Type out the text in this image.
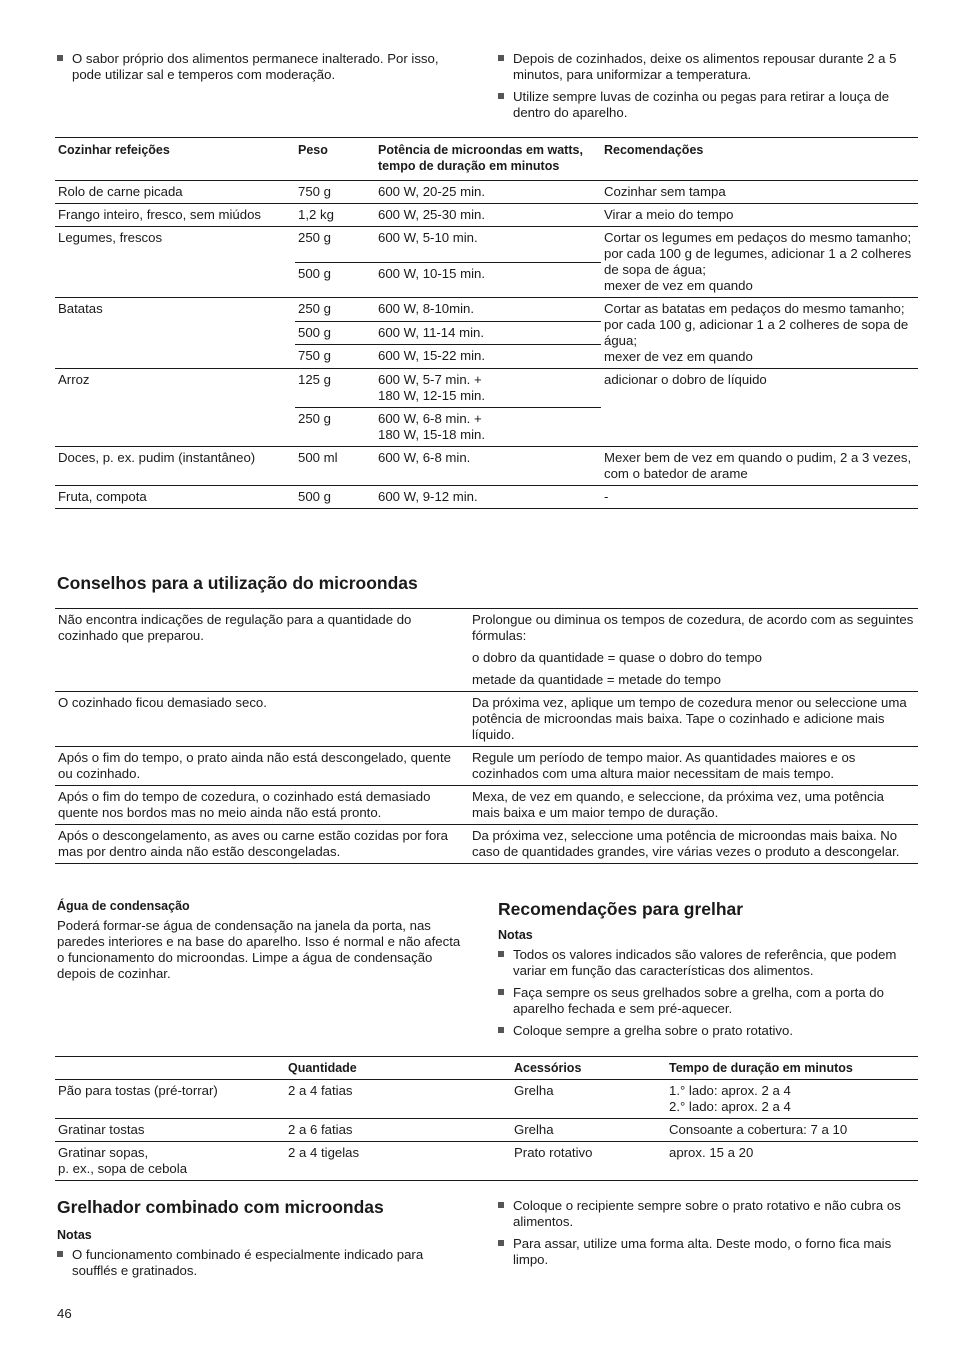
O sabor próprio dos alimentos permanece inalterado. Por isso, pode utilizar sal e temperos com moderação.
Depois de cozinhados, deixe os alimentos repousar durante 2 a 5 minutos, para uniformizar a temperatura.
Utilize sempre luvas de cozinha ou pegas para retirar a louça de dentro do aparelho.
Cozinhar refeições	Peso	Potência de microondas em watts, tempo de duração em minutos	Recomendações
Rolo de carne picada	750 g	600 W, 20-25 min.	Cozinhar sem tampa
Frango inteiro, fresco, sem miúdos	1,2 kg	600 W, 25-30 min.	Virar a meio do tempo
Legumes, frescos	250 g	600 W, 5-10 min.	Cortar os legumes em pedaços do mesmo tamanho;
por cada 100 g de legumes, adicionar 1 a 2 colheres de sopa de água;
mexer de vez em quando

	500 g	600 W, 10-15 min.	
Batatas	250 g	600 W, 8-10min.	Cortar as batatas em pedaços do mesmo tamanho;
por cada 100 g, adicionar 1 a 2 colheres de sopa de água;
mexer de vez em quando

	500 g	600 W, 11-14 min.	
	750 g	600 W, 15-22 min.	
Arroz	125 g	600 W, 5-7 min. +
180 W, 12-15 min.	adicionar o dobro de líquido
	250 g	600 W, 6-8 min. +
180 W, 15-18 min.	

Doces, p. ex. pudim (instantâneo)	500 ml	600 W, 6-8 min.	Mexer bem de vez em quando o pudim, 2 a 3 vezes, com o batedor de arame
Fruta, compota	500 g	600 W, 9-12 min.	-
Conselhos para a utilização do microondas
Não encontra indicações de regulação para a quantidade do cozinhado que preparou.	Prolongue ou diminua os tempos de cozedura, de acordo com as seguintes fórmulas:
o dobro da quantidade = quase o dobro do tempo
metade da quantidade = metade do tempo

O cozinhado ficou demasiado seco.	Da próxima vez, aplique um tempo de cozedura menor ou seleccione uma potência de microondas mais baixa. Tape o cozinhado e adicione mais líquido.

Após o fim do tempo, o prato ainda não está descongelado, quente ou cozinhado.	Regule um período de tempo maior. As quantidades maiores e os cozinhados com uma altura maior necessitam de mais tempo.

Após o fim do tempo de cozedura, o cozinhado está demasiado quente nos bordos mas no meio ainda não está pronto.	Mexa, de vez em quando, e seleccione, da próxima vez, uma potência mais baixa e um maior tempo de duração.

Após o descongelamento, as aves ou carne estão cozidas por fora mas por dentro ainda não estão descongeladas.	Da próxima vez, seleccione uma potência de microondas mais baixa. No caso de quantidades grandes, vire várias vezes o produto a descongelar.
Água de condensação
Poderá formar-se água de condensação na janela da porta, nas paredes interiores e na base do aparelho. Isso é normal e não afecta o funcionamento do microondas. Limpe a água de condensação depois de cozinhar.
Recomendações para grelhar
Notas
Todos os valores indicados são valores de referência, que podem variar em função das características dos alimentos.
Faça sempre os seus grelhados sobre a grelha, com a porta do aparelho fechada e sem pré-aquecer.
Coloque sempre a grelha sobre o prato rotativo.
	Quantidade	Acessórios	Tempo de duração em minutos
Pão para tostas (pré-torrar)	2 a 4 fatias	Grelha	1.° lado: aprox. 2 a 4
2.° lado: aprox. 2 a 4

Gratinar tostas	2 a 6 fatias	Grelha	Consoante a cobertura: 7 a 10

Gratinar sopas,
p. ex., sopa de cebola	2 a 4 tigelas	Prato rotativo	aprox. 15 a 20
Grelhador combinado com microondas
Notas
O funcionamento combinado é especialmente indicado para soufflés e gratinados.
Coloque o recipiente sempre sobre o prato rotativo e não cubra os alimentos.
Para assar, utilize uma forma alta. Deste modo, o forno fica mais limpo.
46
